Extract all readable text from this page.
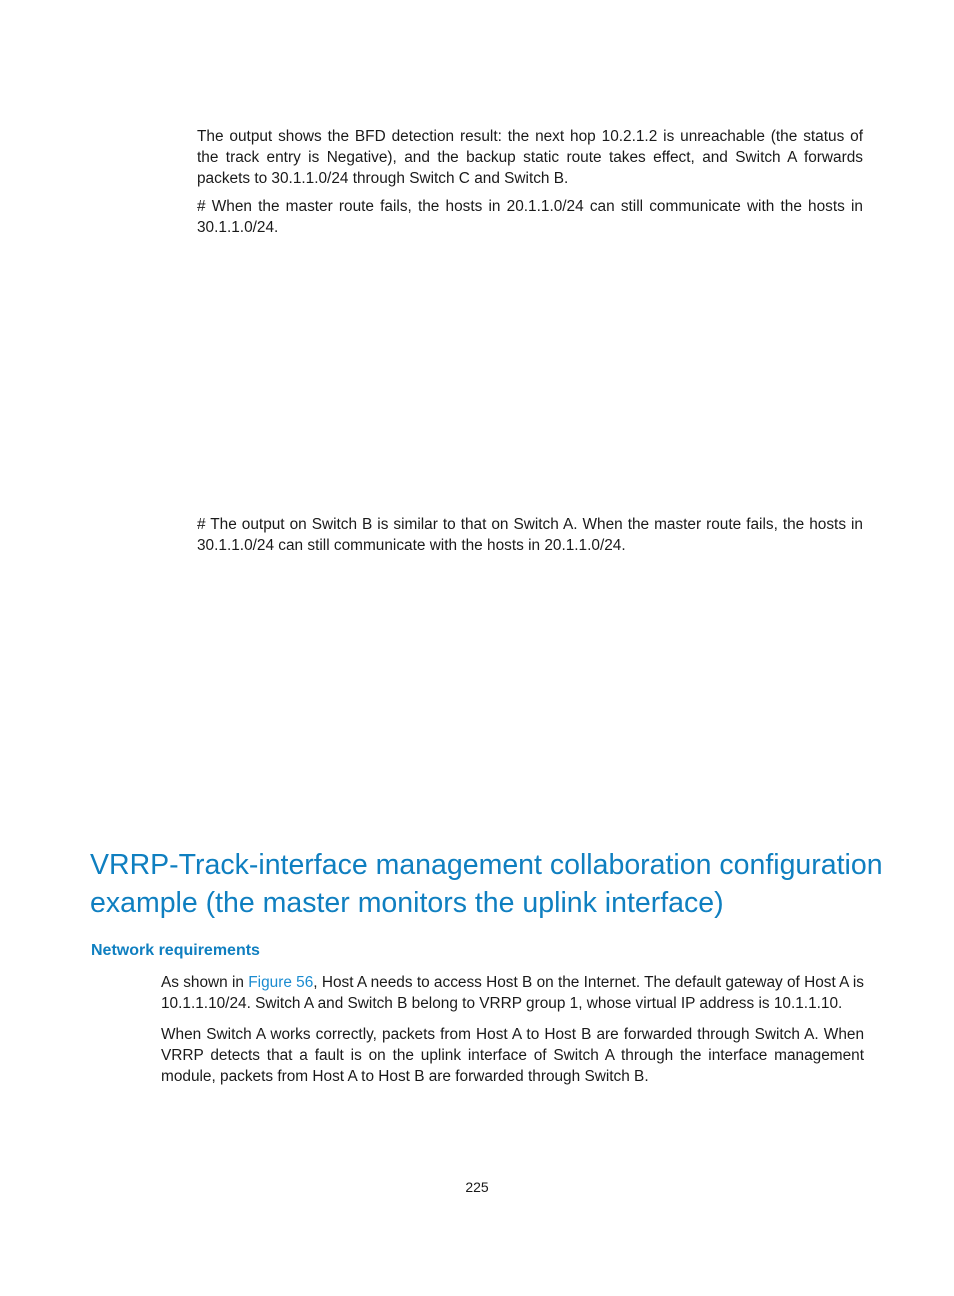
The output shows the BFD detection result: the next hop 10.2.1.2 is unreachable (the status of the track entry is Negative), and the backup static route takes effect, and Switch A forwards packets to 30.1.1.0/24 through Switch C and Switch B.

# When the master route fails, the hosts in 20.1.1.0/24 can still communicate with the hosts in 30.1.1.0/24.

# The output on Switch B is similar to that on Switch A. When the master route fails, the hosts in 30.1.1.0/24 can still communicate with the hosts in 20.1.1.0/24.

VRRP-Track-interface management collaboration configuration example (the master monitors the uplink interface)
Network requirements

As shown in Figure 56, Host A needs to access Host B on the Internet. The default gateway of Host A is 10.1.1.10/24. Switch A and Switch B belong to VRRP group 1, whose virtual IP address is 10.1.1.10.

When Switch A works correctly, packets from Host A to Host B are forwarded through Switch A. When VRRP detects that a fault is on the uplink interface of Switch A through the interface management module, packets from Host A to Host B are forwarded through Switch B.

225
